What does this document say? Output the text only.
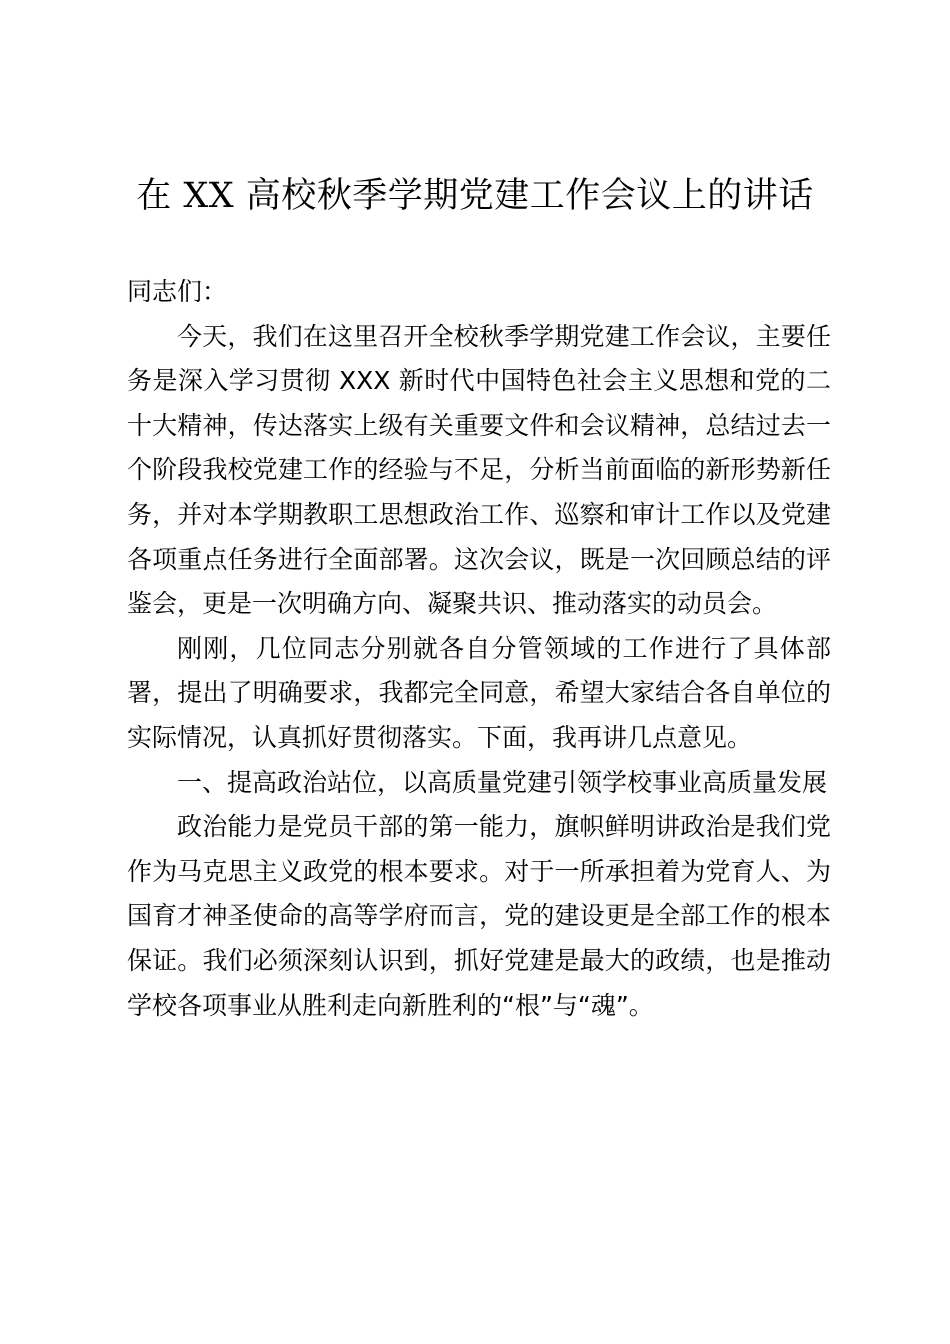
在 XX 高校秋季学期党建工作会议上的讲话

同志们：

今天，我们在这里召开全校秋季学期党建工作会议，主要任务是深入学习贯彻 XXX 新时代中国特色社会主义思想和党的二十大精神，传达落实上级有关重要文件和会议精神，总结过去一个阶段我校党建工作的经验与不足，分析当前面临的新形势新任务，并对本学期教职工思想政治工作、巡察和审计工作以及党建各项重点任务进行全面部署。这次会议，既是一次回顾总结的评鉴会，更是一次明确方向、凝聚共识、推动落实的动员会。

刚刚，几位同志分别就各自分管领域的工作进行了具体部署，提出了明确要求，我都完全同意，希望大家结合各自单位的实际情况，认真抓好贯彻落实。下面，我再讲几点意见。

一、提高政治站位，以高质量党建引领学校事业高质量发展

政治能力是党员干部的第一能力，旗帜鲜明讲政治是我们党作为马克思主义政党的根本要求。对于一所承担着为党育人、为国育才神圣使命的高等学府而言，党的建设更是全部工作的根本保证。我们必须深刻认识到，抓好党建是最大的政绩，也是推动学校各项事业从胜利走向新胜利的“根”与“魂”。
